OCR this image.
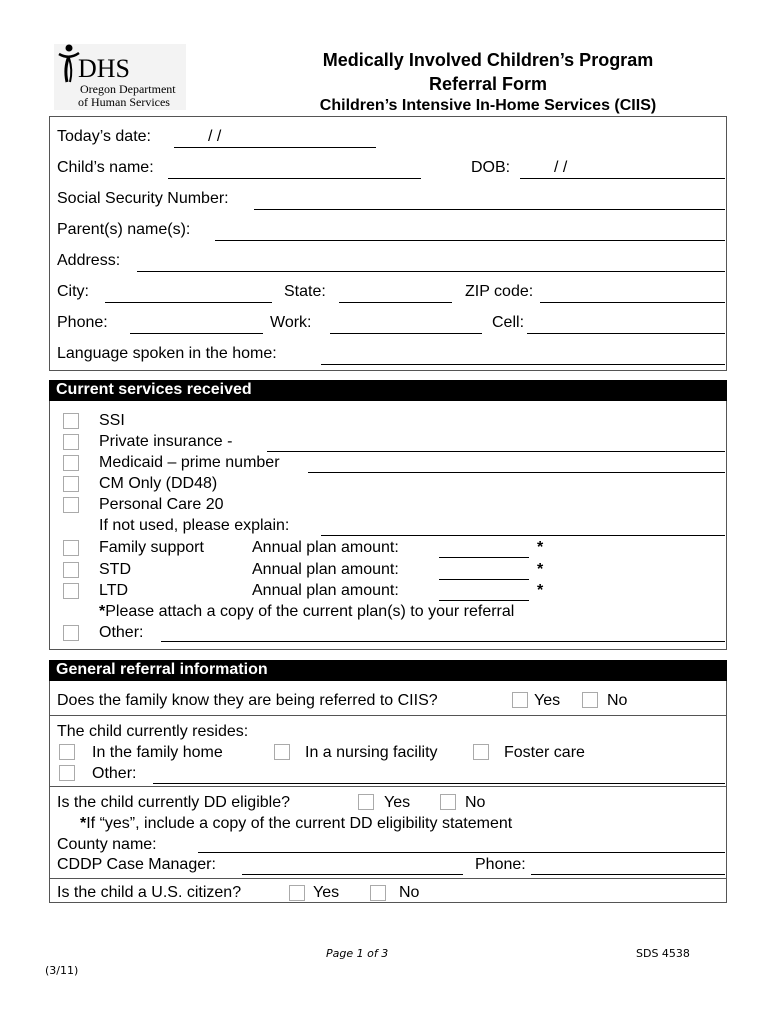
DHS
Oregon Department
of Human Services
Medically Involved Children’s Program
Referral Form
Children’s Intensive In-Home Services (CIIS)
Today’s date:	/ /
Child’s name:	DOB:	/ /
Social Security Number:
Parent(s) name(s):
Address:
City:	State:	ZIP code:
Phone:	Work:	Cell:
Language spoken in the home:
Current services received
SSI
Private insurance -
Medicaid – prime number
CM Only (DD48)
Personal Care 20
If not used, please explain:
Family support	Annual plan amount:	*
STD	Annual plan amount:	*
LTD	Annual plan amount:	*
*Please attach a copy of the current plan(s) to your referral
Other:
General referral information
Does the family know they are being referred to CIIS?	Yes	No
The child currently resides:
In the family home	In a nursing facility	Foster care
Other:
Is the child currently DD eligible?	Yes	No
*If “yes”, include a copy of the current DD eligibility statement
County name:
CDDP Case Manager:	Phone:
Is the child a U.S. citizen?	Yes	No
Page 1 of 3	SDS 4538
(3/11)
